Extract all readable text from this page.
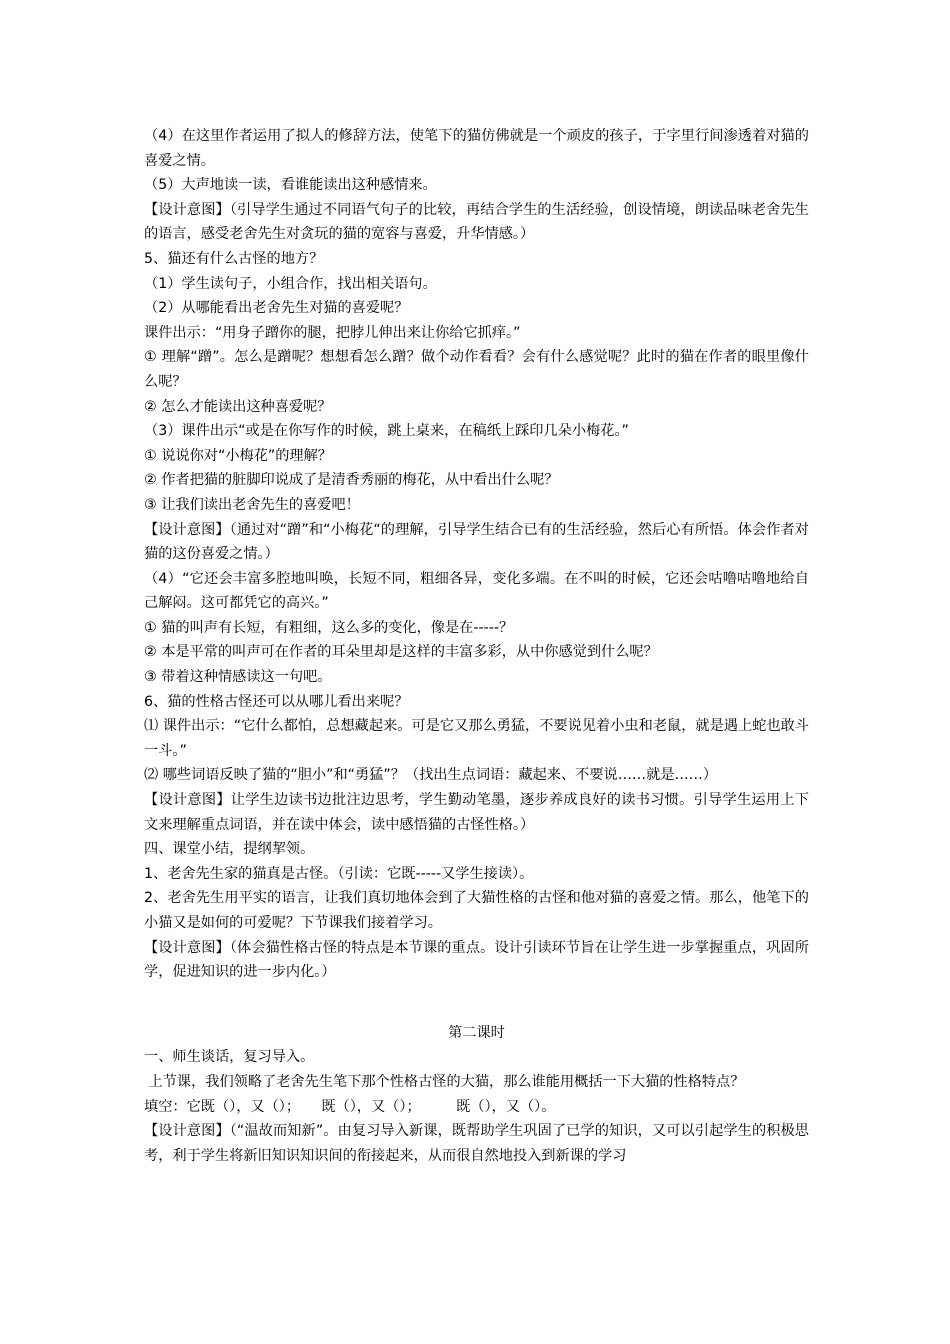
（4）在这里作者运用了拟人的修辞方法，使笔下的猫仿佛就是一个顽皮的孩子，于字里行间渗透着对猫的喜爱之情。
（5）大声地读一读，看谁能读出这种感情来。
【设计意图】（引导学生通过不同语气句子的比较，再结合学生的生活经验，创设情境，朗读品味老舍先生的语言，感受老舍先生对贪玩的猫的宽容与喜爱，升华情感。）
5、猫还有什么古怪的地方？
（1）学生读句子，小组合作，找出相关语句。
（2）从哪能看出老舍先生对猫的喜爱呢？
课件出示：“用身子蹭你的腿，把脖儿伸出来让你给它抓痒。”
① 理解“蹭”。怎么是蹭呢？想想看怎么蹭？做个动作看看？会有什么感觉呢？此时的猫在作者的眼里像什么呢？
② 怎么才能读出这种喜爱呢？
（3）课件出示“或是在你写作的时候，跳上桌来，在稿纸上踩印几朵小梅花。”
① 说说你对“小梅花”的理解？
② 作者把猫的脏脚印说成了是清香秀丽的梅花，从中看出什么呢？
③ 让我们读出老舍先生的喜爱吧！
【设计意图】（通过对“蹭”和“小梅花“的理解，引导学生结合已有的生活经验，然后心有所悟。体会作者对猫的这份喜爱之情。）
（4）“它还会丰富多腔地叫唤，长短不同，粗细各异，变化多端。在不叫的时候，它还会咕噜咕噜地给自己解闷。这可都凭它的高兴。”
① 猫的叫声有长短，有粗细，这么多的变化，像是在-----？
② 本是平常的叫声可在作者的耳朵里却是这样的丰富多彩，从中你感觉到什么呢？
③ 带着这种情感读这一句吧。
6、猫的性格古怪还可以从哪儿看出来呢？
⑴ 课件出示：“它什么都怕，总想藏起来。可是它又那么勇猛，不要说见着小虫和老鼠，就是遇上蛇也敢斗一斗。”
⑵ 哪些词语反映了猫的“胆小”和“勇猛”？（找出生点词语：藏起来、不要说……就是……）
【设计意图】让学生边读书边批注边思考，学生勤动笔墨，逐步养成良好的读书习惯。引导学生运用上下文来理解重点词语，并在读中体会，读中感悟猫的古怪性格。）
四、课堂小结，提纲挈领。
1、老舍先生家的猫真是古怪。（引读：它既-----又学生接读）。
2、老舍先生用平实的语言，让我们真切地体会到了大猫性格的古怪和他对猫的喜爱之情。那么，他笔下的小猫又是如何的可爱呢？下节课我们接着学习。
【设计意图】（体会猫性格古怪的特点是本节课的重点。设计引读环节旨在让学生进一步掌握重点，巩固所学，促进知识的进一步内化。）
第二课时
一、师生谈话，复习导入。
上节课，我们领略了老舍先生笔下那个性格古怪的大猫，那么谁能用概括一下大猫的性格特点？
填空：它既（），又（）；　　既（），又（）；　　　既（），又（）。
【设计意图】（“温故而知新”。由复习导入新课，既帮助学生巩固了已学的知识，又可以引起学生的积极思考，利于学生将新旧知识知识间的衔接起来，从而很自然地投入到新课的学习
